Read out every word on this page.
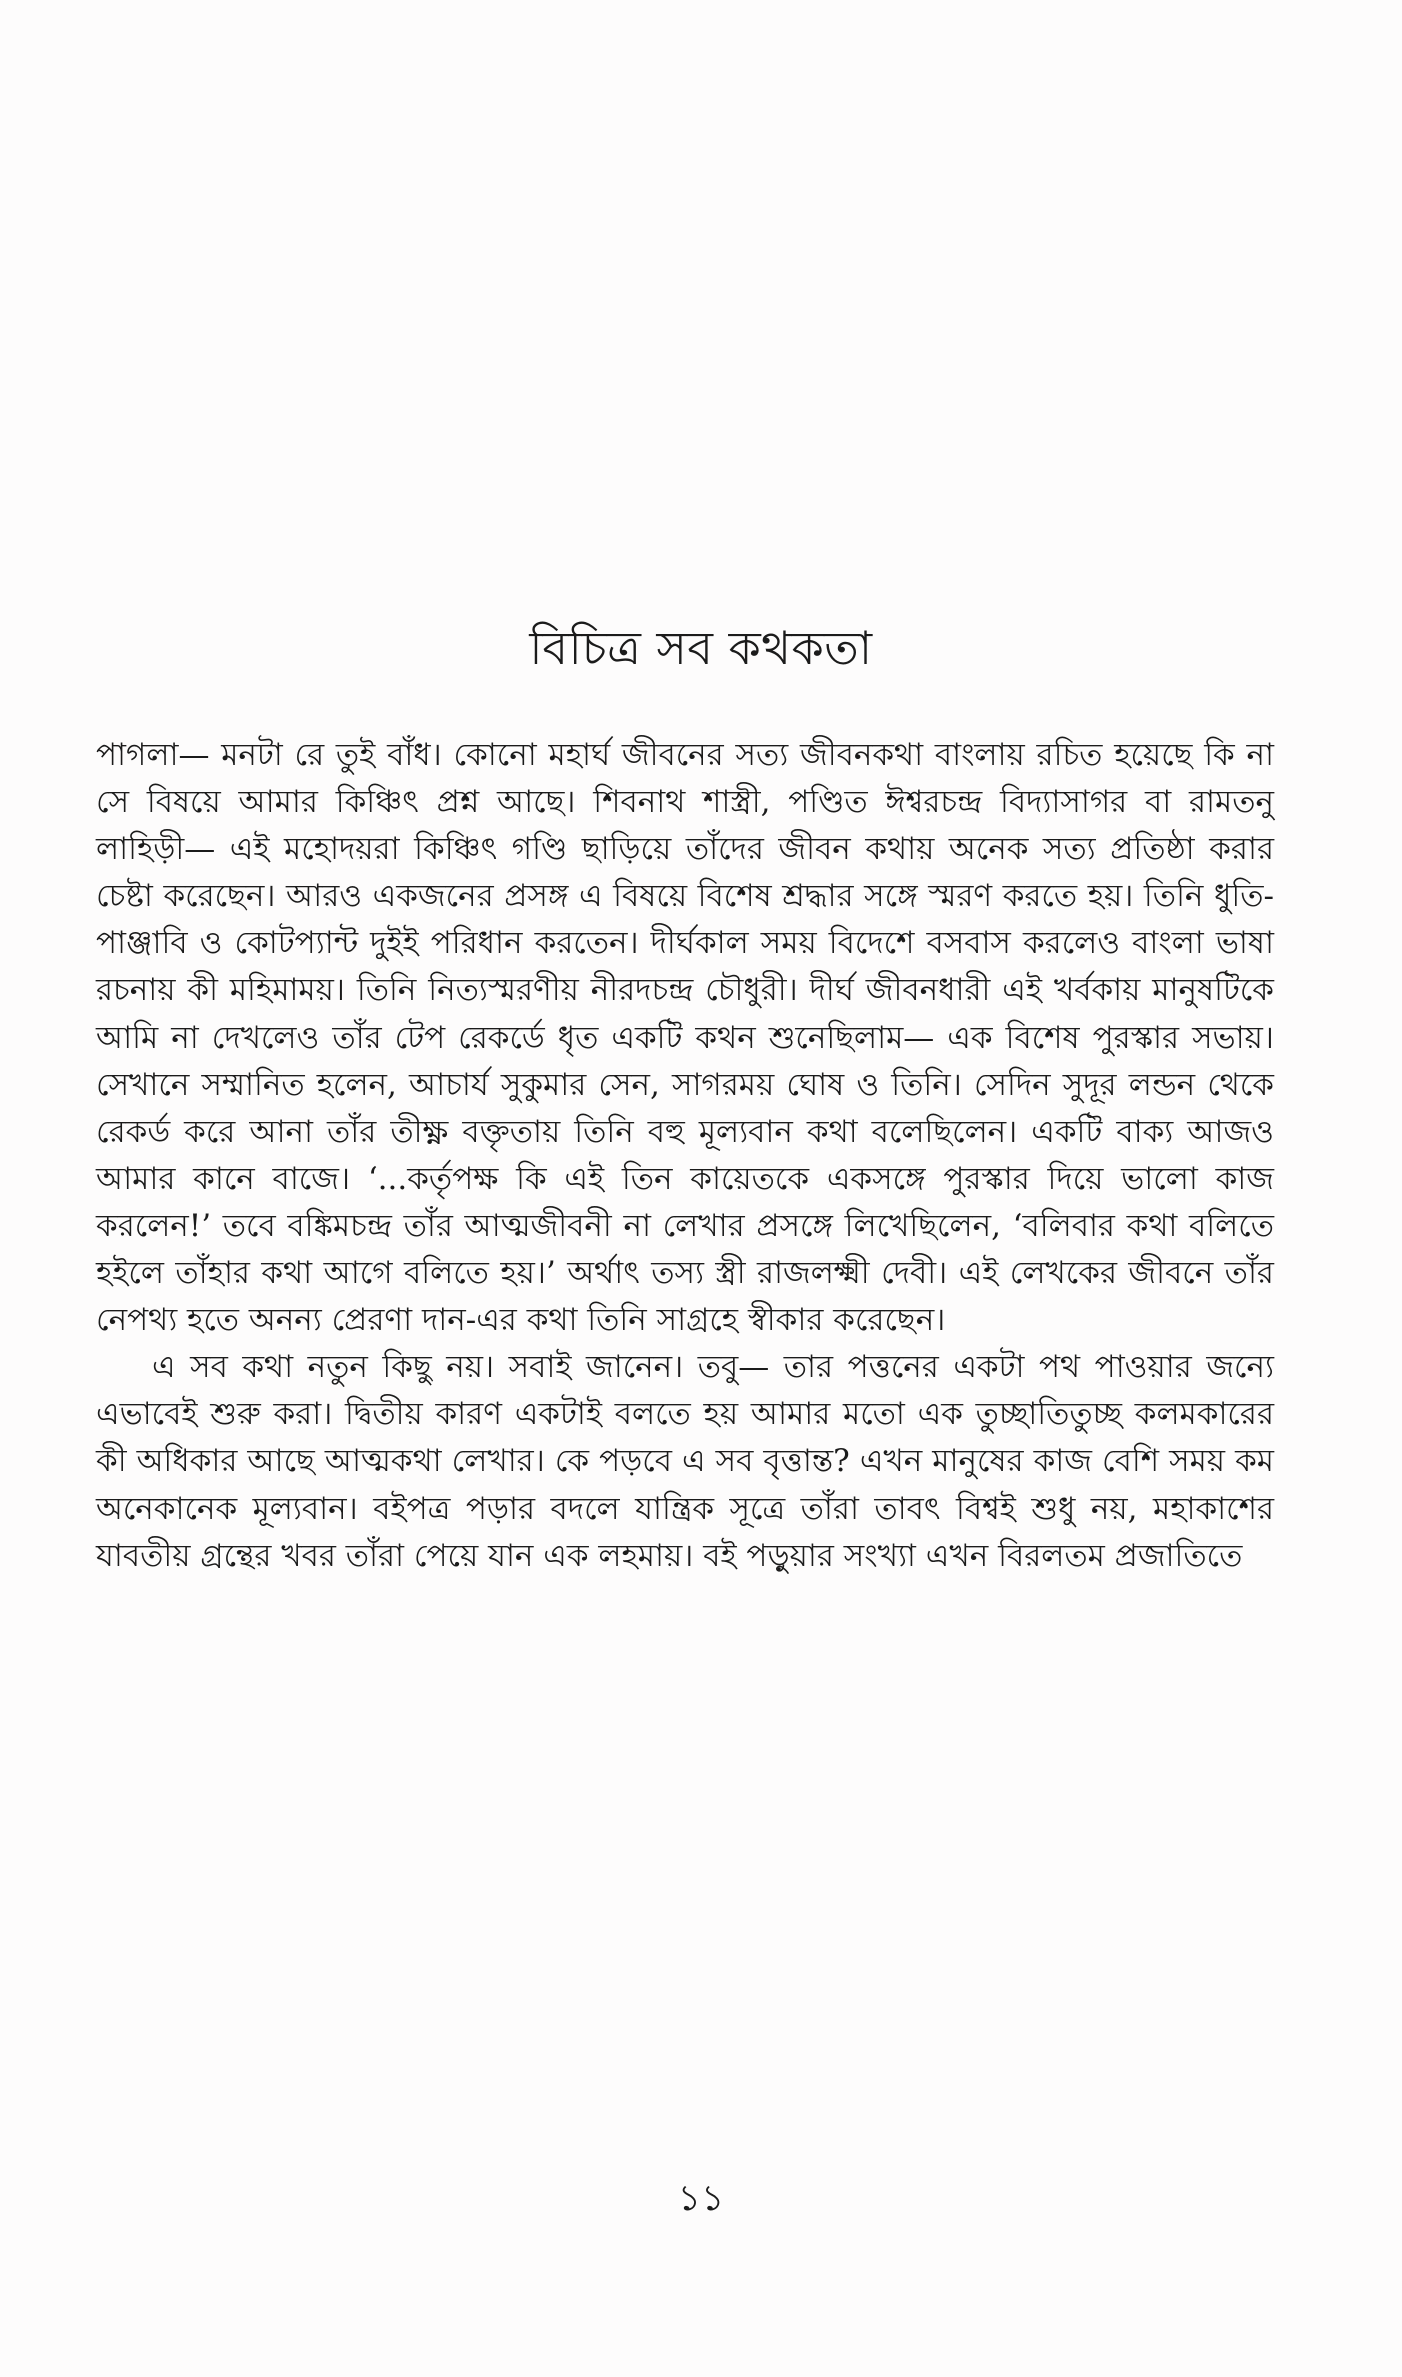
বিচিত্র সব কথকতা

পাগলা— মনটা রে তুই বাঁধ। কোনো মহার্ঘ জীবনের সত্য জীবনকথা বাংলায় রচিত হয়েছে কি না সে বিষয়ে আমার কিঞ্চিৎ প্রশ্ন আছে। শিবনাথ শাস্ত্রী, পণ্ডিত ঈশ্বরচন্দ্র বিদ্যাসাগর বা রামতনু লাহিড়ী— এই মহোদয়রা কিঞ্চিৎ গণ্ডি ছাড়িয়ে তাঁদের জীবন কথায় অনেক সত্য প্রতিষ্ঠা করার চেষ্টা করেছেন। আরও একজনের প্রসঙ্গ এ বিষয়ে বিশেষ শ্রদ্ধার সঙ্গে স্মরণ করতে হয়। তিনি ধুতি-পাঞ্জাবি ও কোটপ্যান্ট দুইই পরিধান করতেন। দীর্ঘকাল সময় বিদেশে বসবাস করলেও বাংলা ভাষা রচনায় কী মহিমাময়। তিনি নিত্যস্মরণীয় নীরদচন্দ্র চৌধুরী। দীর্ঘ জীবনধারী এই খর্বকায় মানুষটিকে আমি না দেখলেও তাঁর টেপ রেকর্ডে ধৃত একটি কথন শুনেছিলাম— এক বিশেষ পুরস্কার সভায়। সেখানে সম্মানিত হলেন, আচার্য সুকুমার সেন, সাগরময় ঘোষ ও তিনি। সেদিন সুদূর লন্ডন থেকে রেকর্ড করে আনা তাঁর তীক্ষ্ণ বক্তৃতায় তিনি বহু মূল্যবান কথা বলেছিলেন। একটি বাক্য আজও আমার কানে বাজে। ‘...কর্তৃপক্ষ কি এই তিন কায়েতকে একসঙ্গে পুরস্কার দিয়ে ভালো কাজ করলেন!’ তবে বঙ্কিমচন্দ্র তাঁর আত্মজীবনী না লেখার প্রসঙ্গে লিখেছিলেন, ‘বলিবার কথা বলিতে হইলে তাঁহার কথা আগে বলিতে হয়।’ অর্থাৎ তস্য স্ত্রী রাজলক্ষ্মী দেবী। এই লেখকের জীবনে তাঁর নেপথ্য হতে অনন্য প্রেরণা দান-এর কথা তিনি সাগ্রহে স্বীকার করেছেন।

এ সব কথা নতুন কিছু নয়। সবাই জানেন। তবু— তার পত্তনের একটা পথ পাওয়ার জন্যে এভাবেই শুরু করা। দ্বিতীয় কারণ একটাই বলতে হয় আমার মতো এক তুচ্ছাতিতুচ্ছ কলমকারের কী অধিকার আছে আত্মকথা লেখার। কে পড়বে এ সব বৃত্তান্ত? এখন মানুষের কাজ বেশি সময় কম অনেকানেক মূল্যবান। বইপত্র পড়ার বদলে যান্ত্রিক সূত্রে তাঁরা তাবৎ বিশ্বই শুধু নয়, মহাকাশের যাবতীয় গ্রন্থের খবর তাঁরা পেয়ে যান এক লহমায়। বই পড়ুয়ার সংখ্যা এখন বিরলতম প্রজাতিতে

১১
